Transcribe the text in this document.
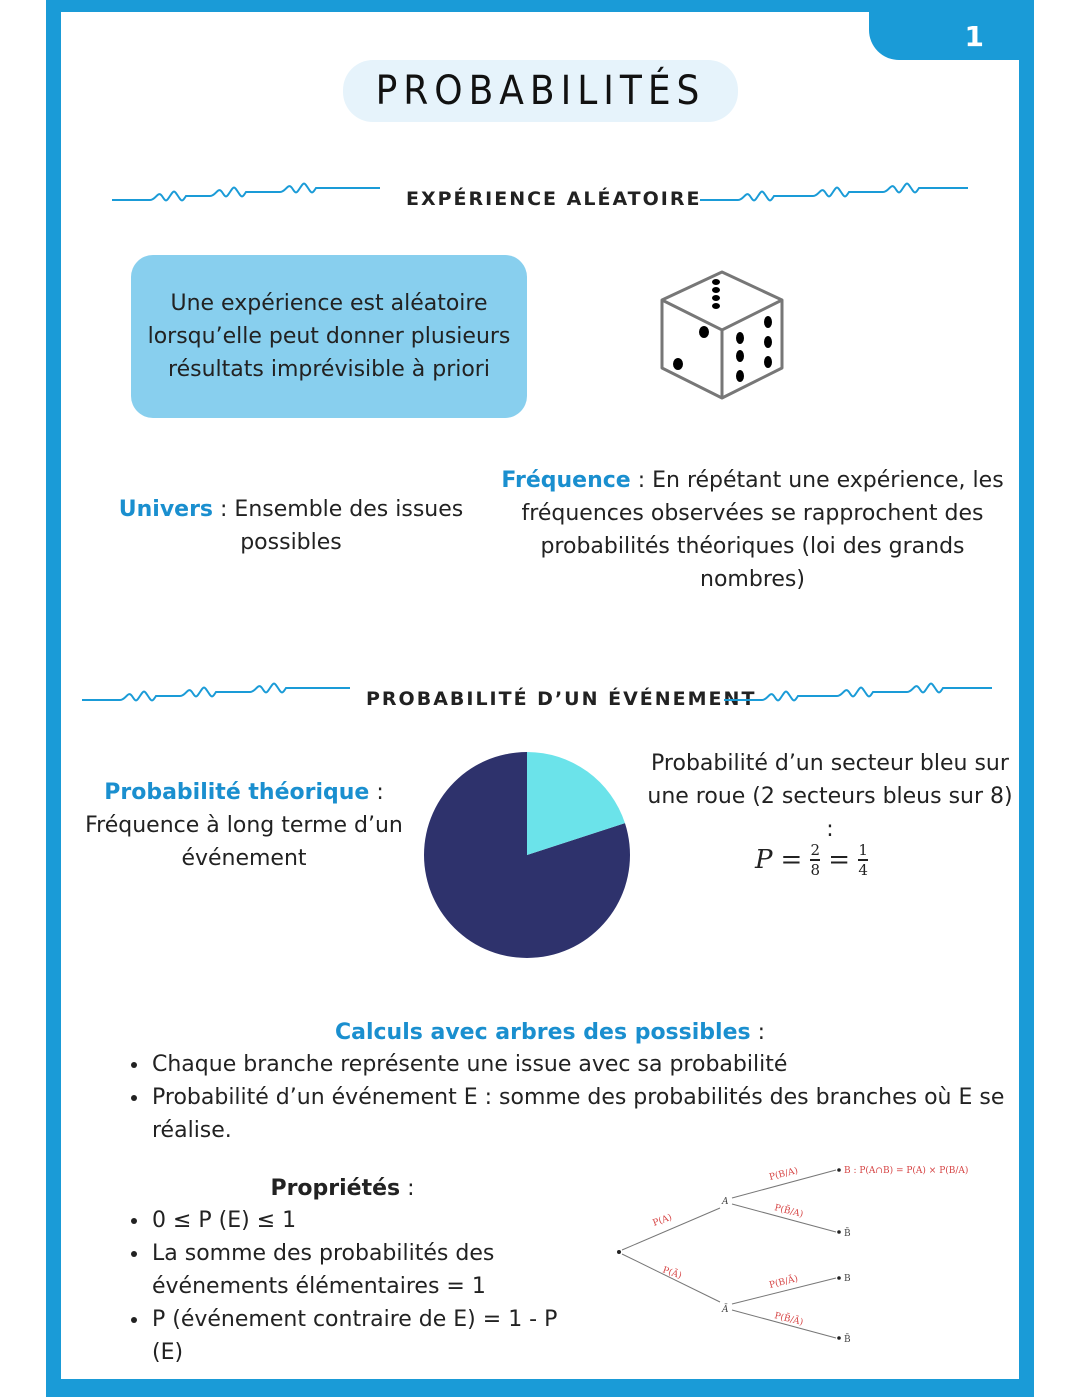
1
PROBABILITÉS
EXPÉRIENCE ALÉATOIRE
Une expérience est aléatoire lorsqu’elle peut donner plusieurs résultats imprévisible à priori
Univers : Ensemble des issues possibles
Fréquence : En répétant une expérience, les fréquences observées se rapprochent des probabilités théoriques (loi des grands nombres)
PROBABILITÉ D’UN ÉVÉNEMENT
Probabilité théorique : Fréquence à long terme d’un événement
Probabilité d’un secteur bleu sur une roue (2 secteurs bleus sur 8) :
$P = \frac{2}{8} = \frac{1}{4}$
Calculs avec arbres des possibles :
• Chaque branche représente une issue avec sa probabilité
• Probabilité d’un événement E : somme des probabilités des branches où E se réalise.
Propriétés :
• 0 ≤ P (E) ≤ 1
• La somme des probabilités des événements élémentaires = 1
• P (événement contraire de E) = 1 - P (E)
P(A)
P(Ā)
A
Ā
P(B/A)
P(B̄/A)
P(B/Ā)
P(B̄/Ā)
B : P(A∩B) = P(A) × P(B/A)
B̄
B
B̄
